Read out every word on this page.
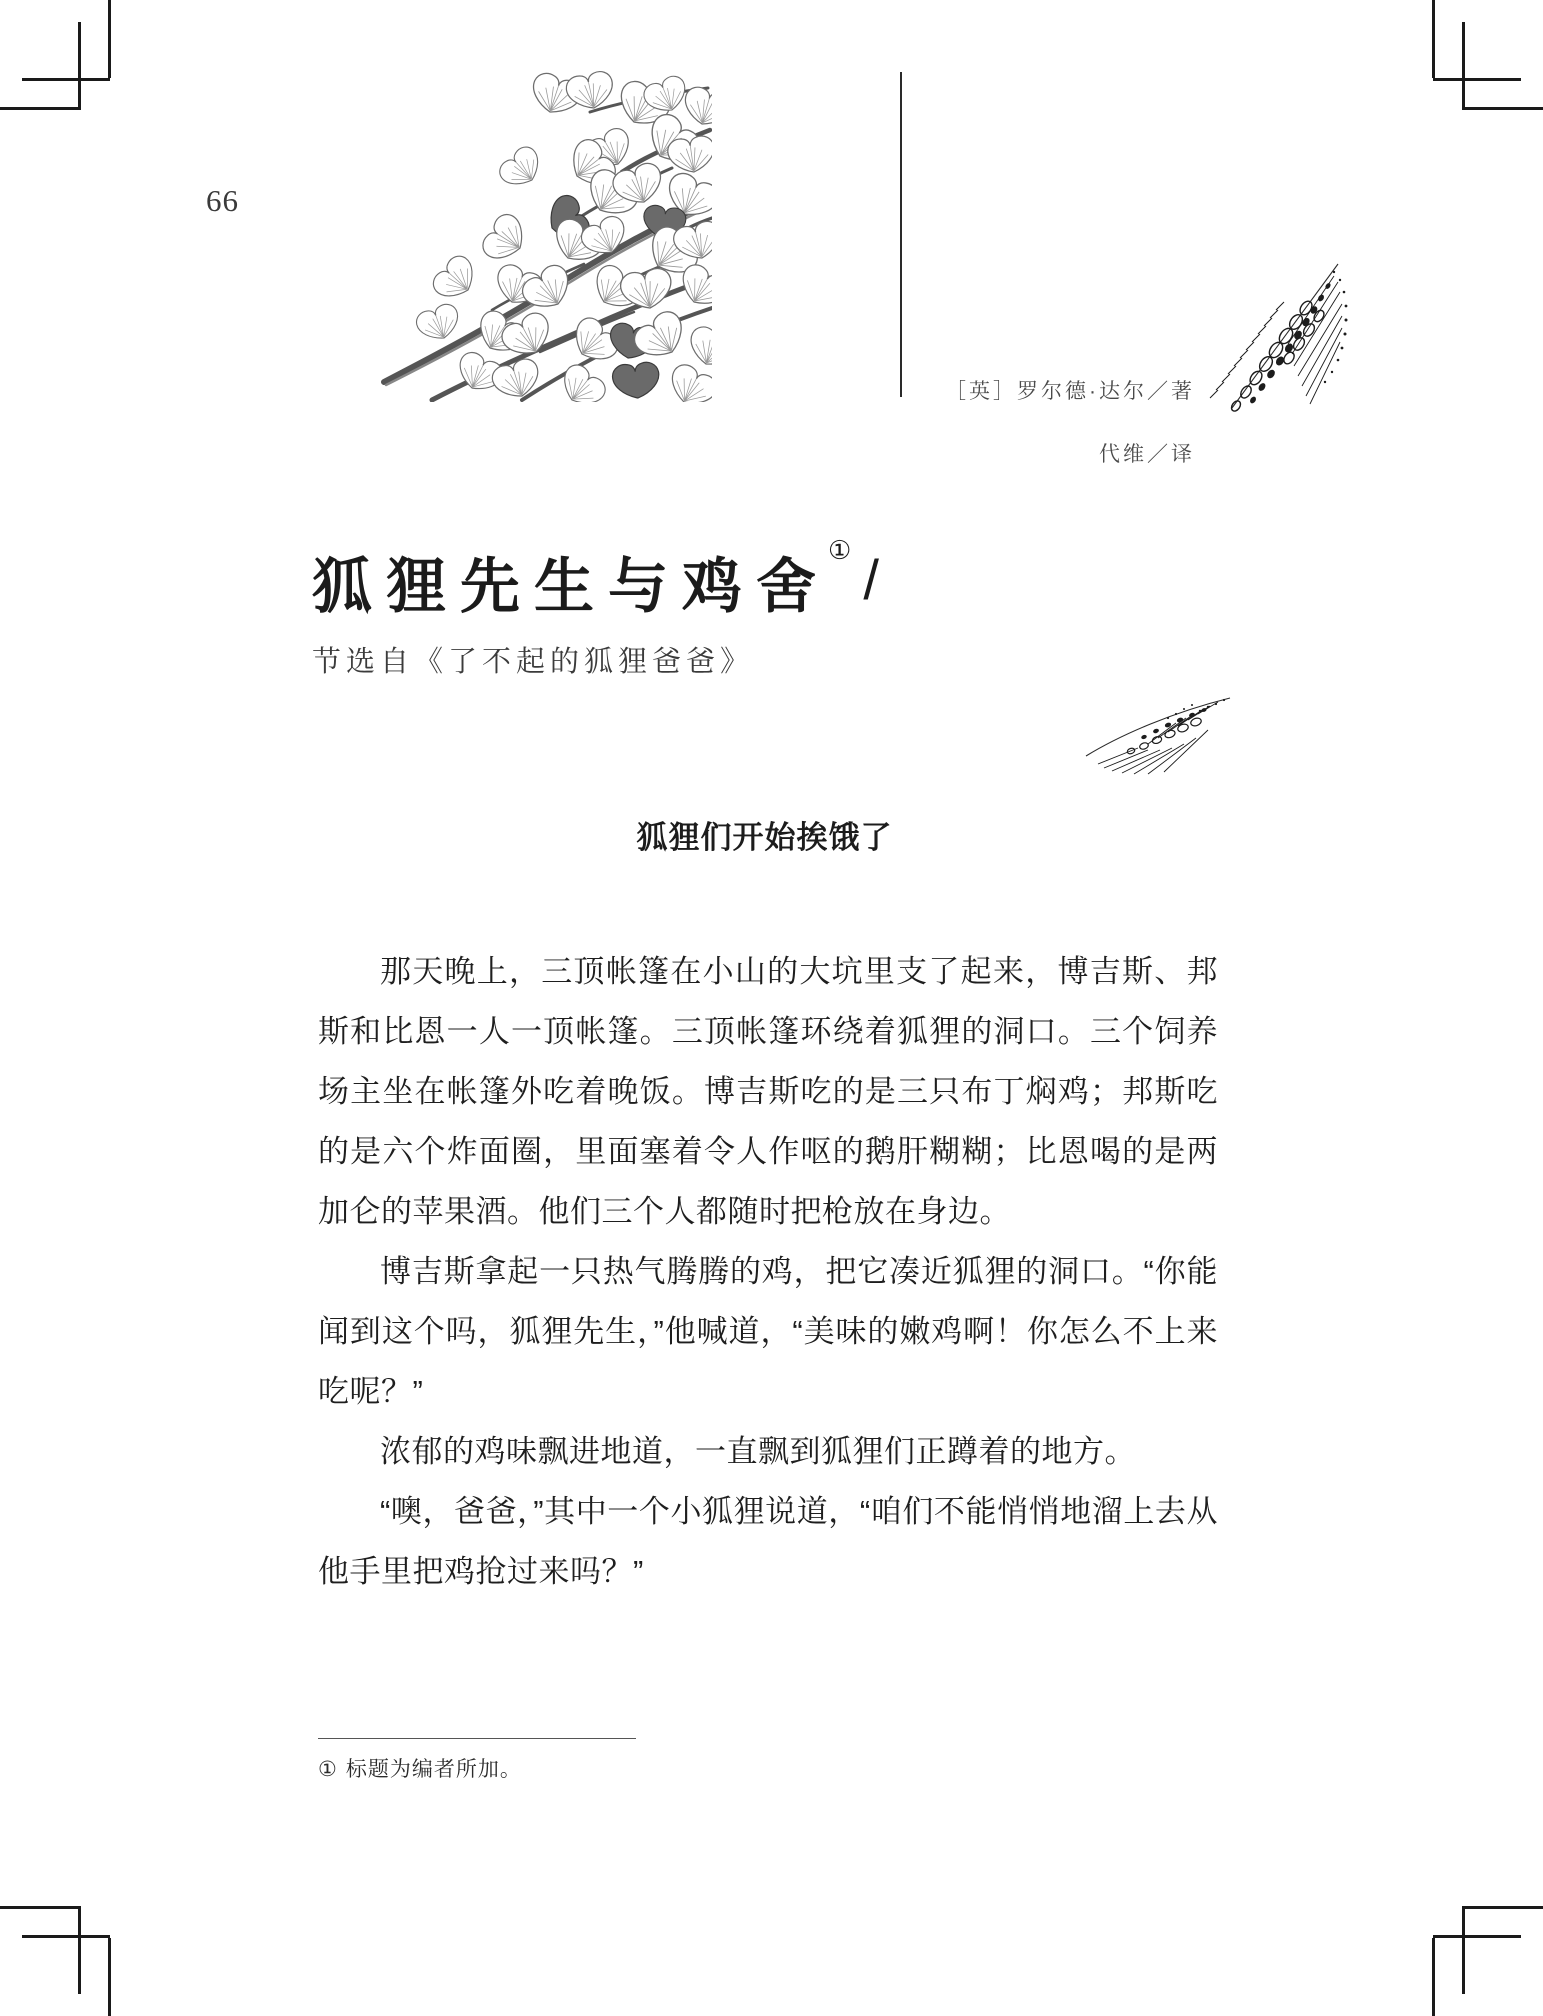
66
［英］罗尔德·达尔／著
代维／译
狐狸先生与鸡舍
① /
节选自《了不起的狐狸爸爸》
狐狸们开始挨饿了

那天晚上，三顶帐篷在小山的大坑里支了起来，博吉斯、邦斯和比恩一人一顶帐篷。三顶帐篷环绕着狐狸的洞口。三个饲养场主坐在帐篷外吃着晚饭。博吉斯吃的是三只布丁焖鸡；邦斯吃的是六个炸面圈，里面塞着令人作呕的鹅肝糊糊；比恩喝的是两加仑的苹果酒。他们三个人都随时把枪放在身边。

博吉斯拿起一只热气腾腾的鸡，把它凑近狐狸的洞口。“你能闻到这个吗，狐狸先生，”他喊道，“美味的嫩鸡啊！你怎么不上来吃呢？”

浓郁的鸡味飘进地道，一直飘到狐狸们正蹲着的地方。

“噢，爸爸，”其中一个小狐狸说道，“咱们不能悄悄地溜上去从他手里把鸡抢过来吗？”

① 标题为编者所加。
